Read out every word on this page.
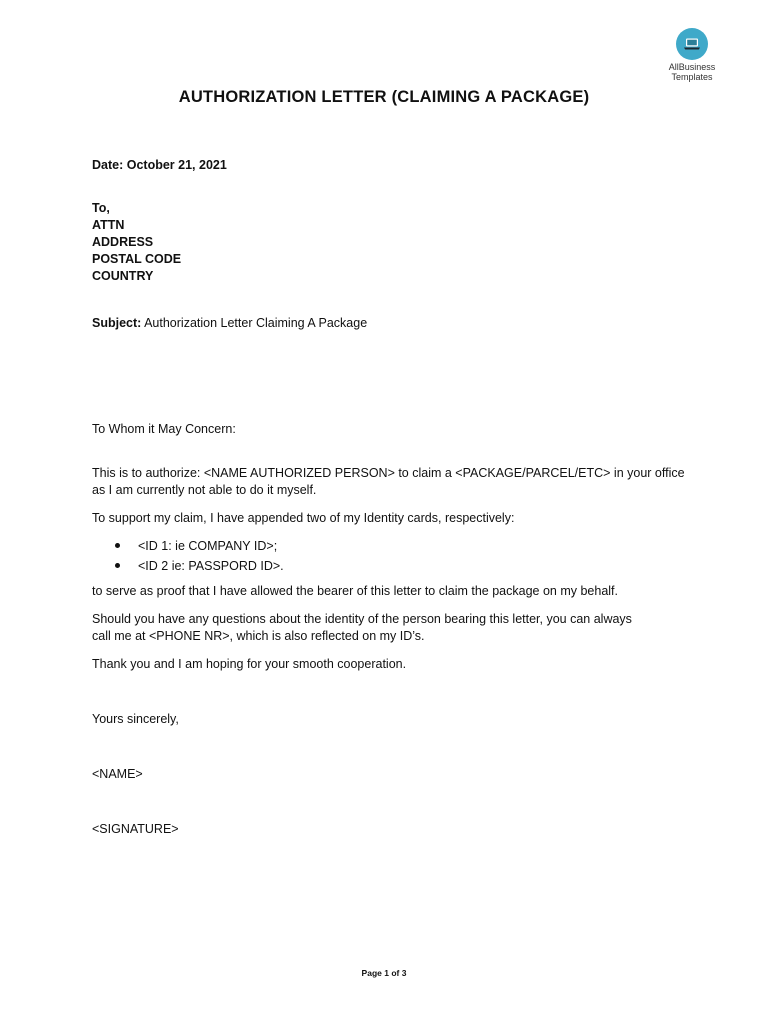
AllBusiness
Templates
AUTHORIZATION LETTER (CLAIMING A PACKAGE)
Date: October 21, 2021
To,
ATTN
ADDRESS
POSTAL CODE
COUNTRY
Subject: Authorization Letter Claiming A Package
To Whom it May Concern:
This is to authorize: <NAME AUTHORIZED PERSON> to claim a <PACKAGE/PARCEL/ETC> in your office
as I am currently not able to do it myself.
To support my claim, I have appended two of my Identity cards, respectively:
<ID 1: ie COMPANY ID>;
<ID 2 ie: PASSPORD ID>.
to serve as proof that I have allowed the bearer of this letter to claim the package on my behalf.
Should you have any questions about the identity of the person bearing this letter, you can always
call me at <PHONE NR>, which is also reflected on my ID’s.
Thank you and I am hoping for your smooth cooperation.
Yours sincerely,
<NAME>
<SIGNATURE>
Page 1 of 3
